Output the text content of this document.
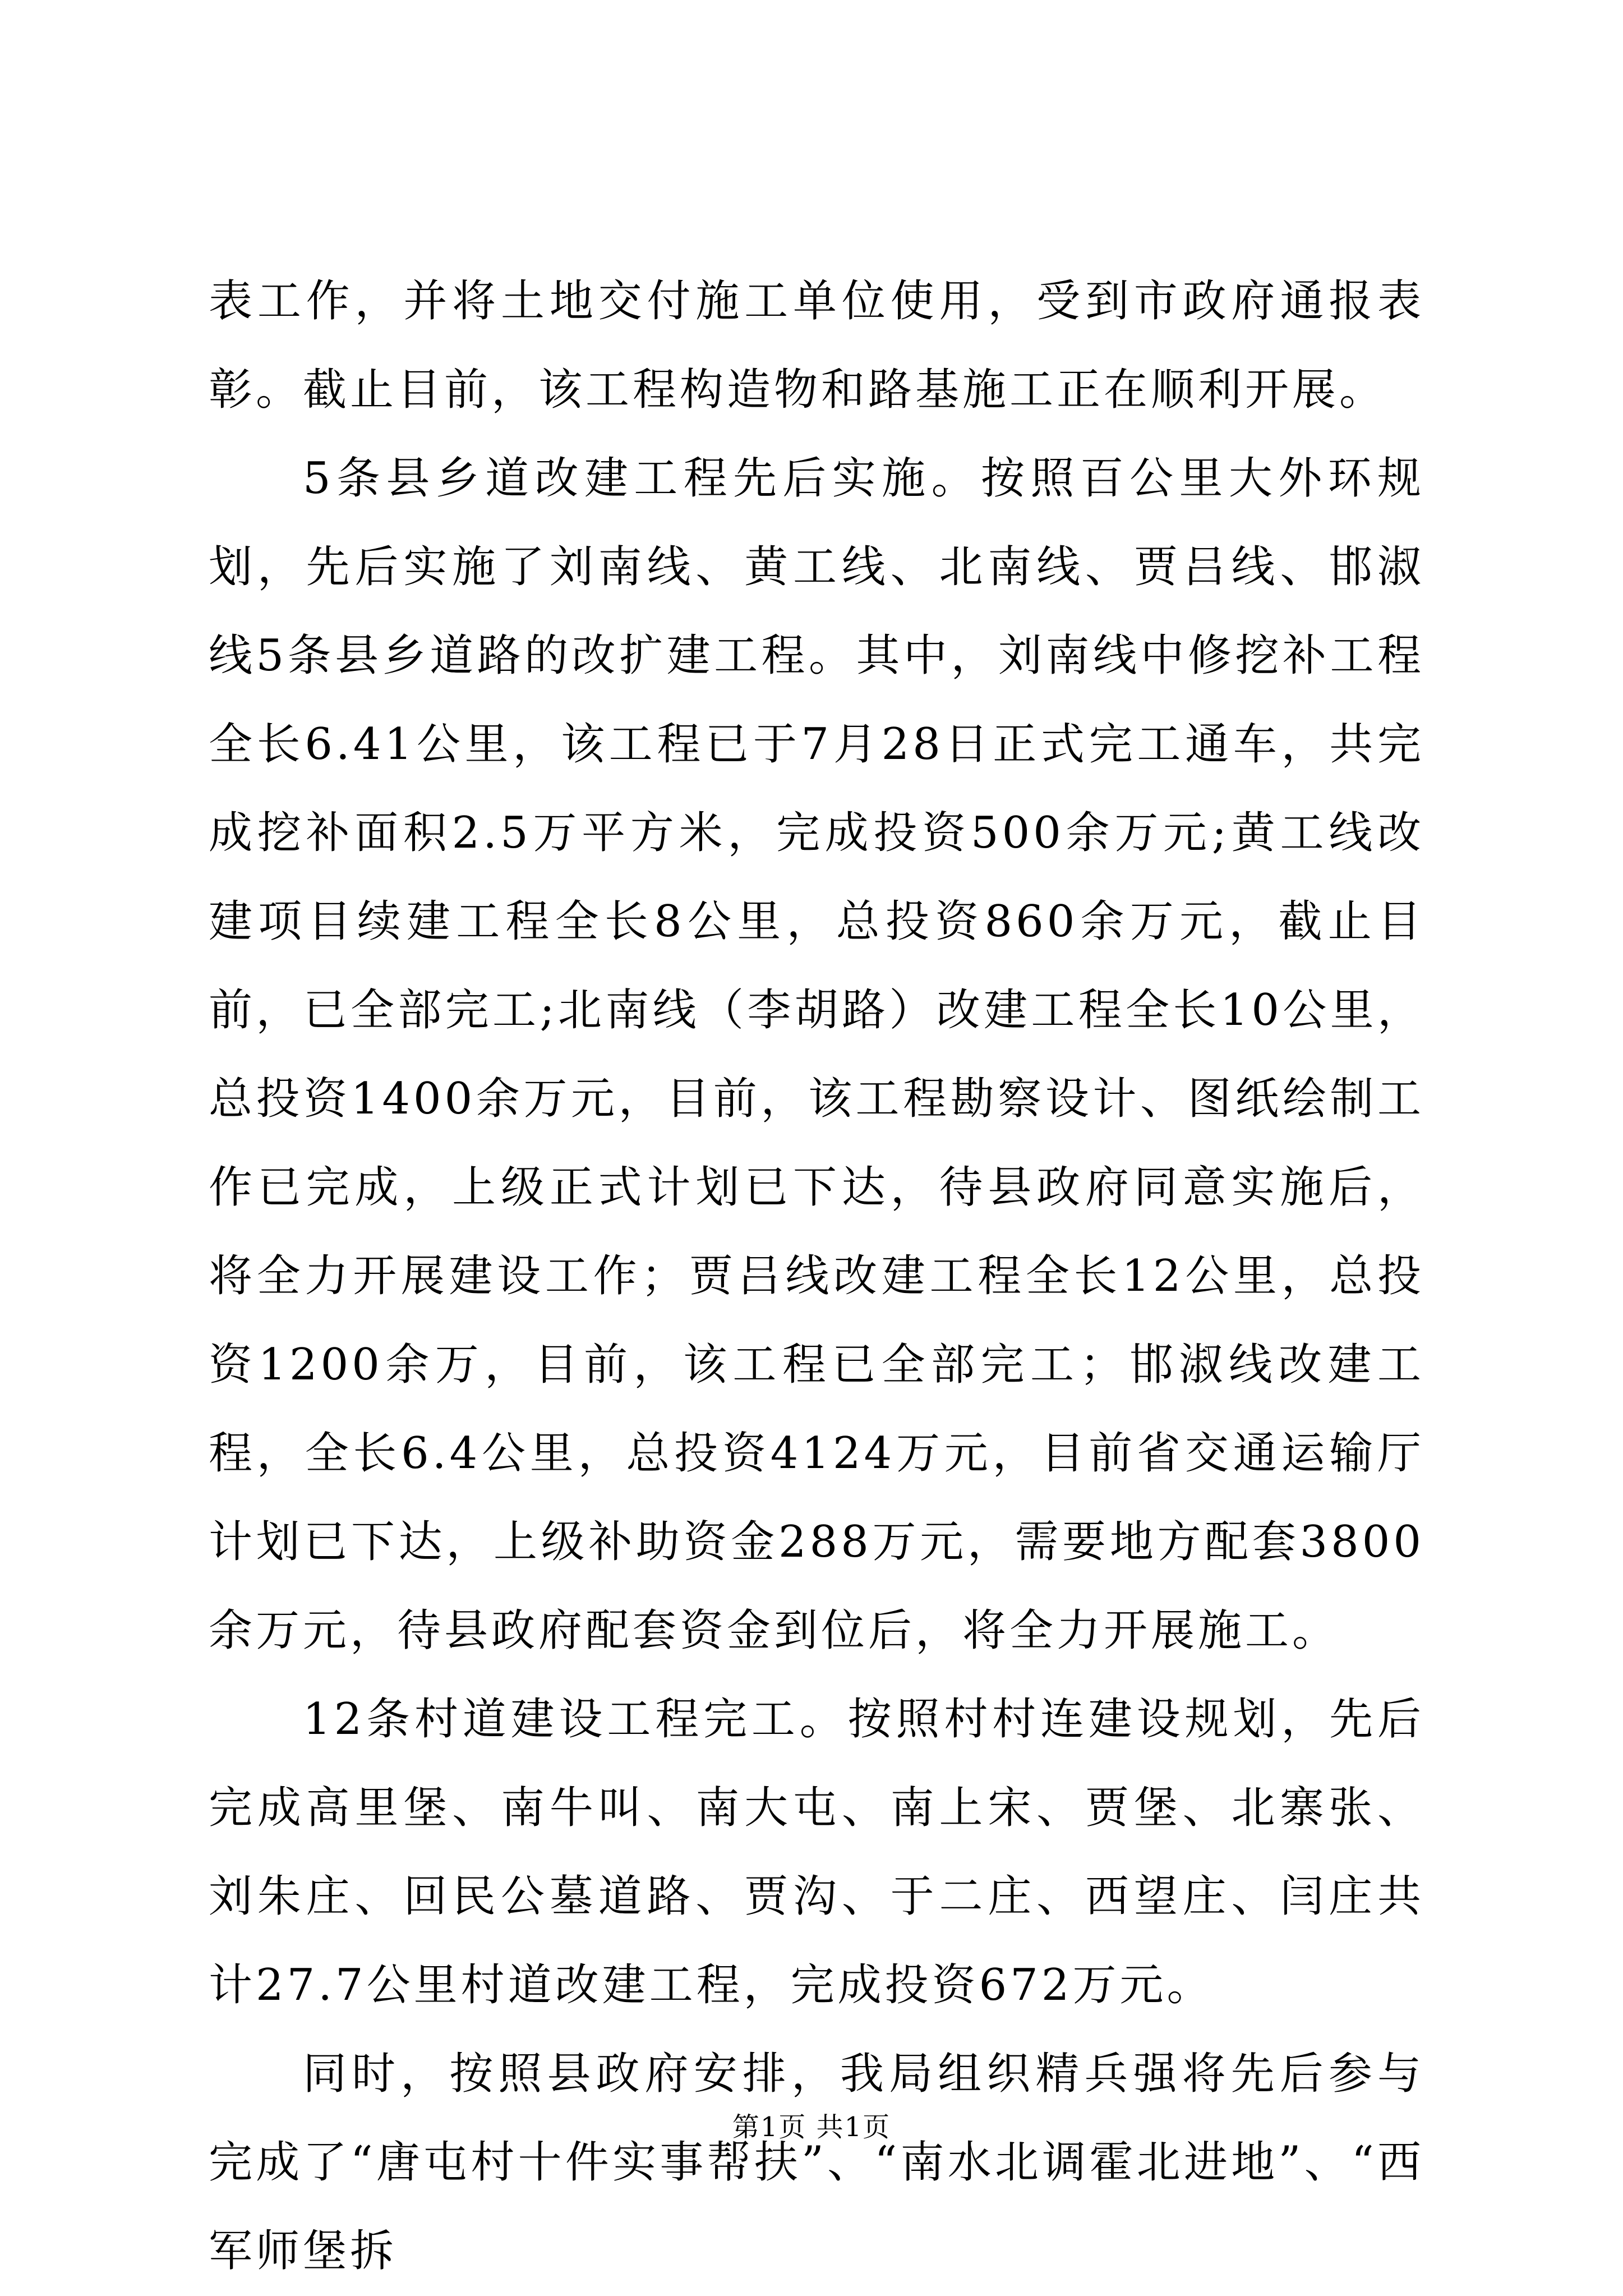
表工作，并将土地交付施工单位使用，受到市政府通报表彰。截止目前，该工程构造物和路基施工正在顺利开展。

5条县乡道改建工程先后实施。按照百公里大外环规划，先后实施了刘南线、黄工线、北南线、贾吕线、邯淑线5条县乡道路的改扩建工程。其中，刘南线中修挖补工程全长6.41公里，该工程已于7月28日正式完工通车，共完成挖补面积2.5万平方米，完成投资500余万元;黄工线改建项目续建工程全长8公里，总投资860余万元，截止目前，已全部完工;北南线（李胡路）改建工程全长10公里，总投资1400余万元，目前，该工程勘察设计、图纸绘制工作已完成，上级正式计划已下达，待县政府同意实施后，将全力开展建设工作；贾吕线改建工程全长12公里，总投资1200余万，目前，该工程已全部完工；邯淑线改建工程，全长6.4公里，总投资4124万元，目前省交通运输厅计划已下达，上级补助资金288万元，需要地方配套3800余万元，待县政府配套资金到位后，将全力开展施工。

12条村道建设工程完工。按照村村连建设规划，先后完成高里堡、南牛叫、南大屯、南上宋、贾堡、北寨张、刘朱庄、回民公墓道路、贾沟、于二庄、西望庄、闫庄共计27.7公里村道改建工程，完成投资672万元。

同时，按照县政府安排，我局组织精兵强将先后参与完成了“唐屯村十件实事帮扶”、“南水北调霍北进地”、“西军师堡拆

第1页 共1页
